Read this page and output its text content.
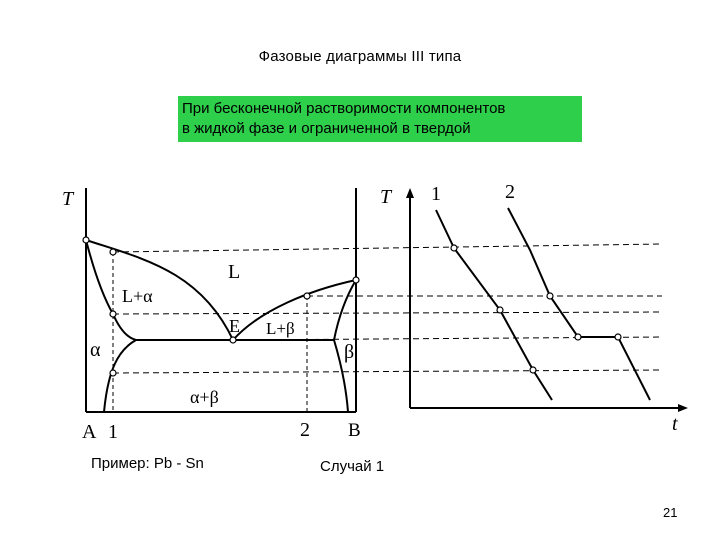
Фазовые диаграммы III типа
При бесконечной растворимости компонентов
в жидкой фазе и ограниченной в твердой
T	T
L
L+α
E L+β
α	β
α+β
A 1	2 B
1	2
t
Пример: Pb - Sn	Случай 1
21
